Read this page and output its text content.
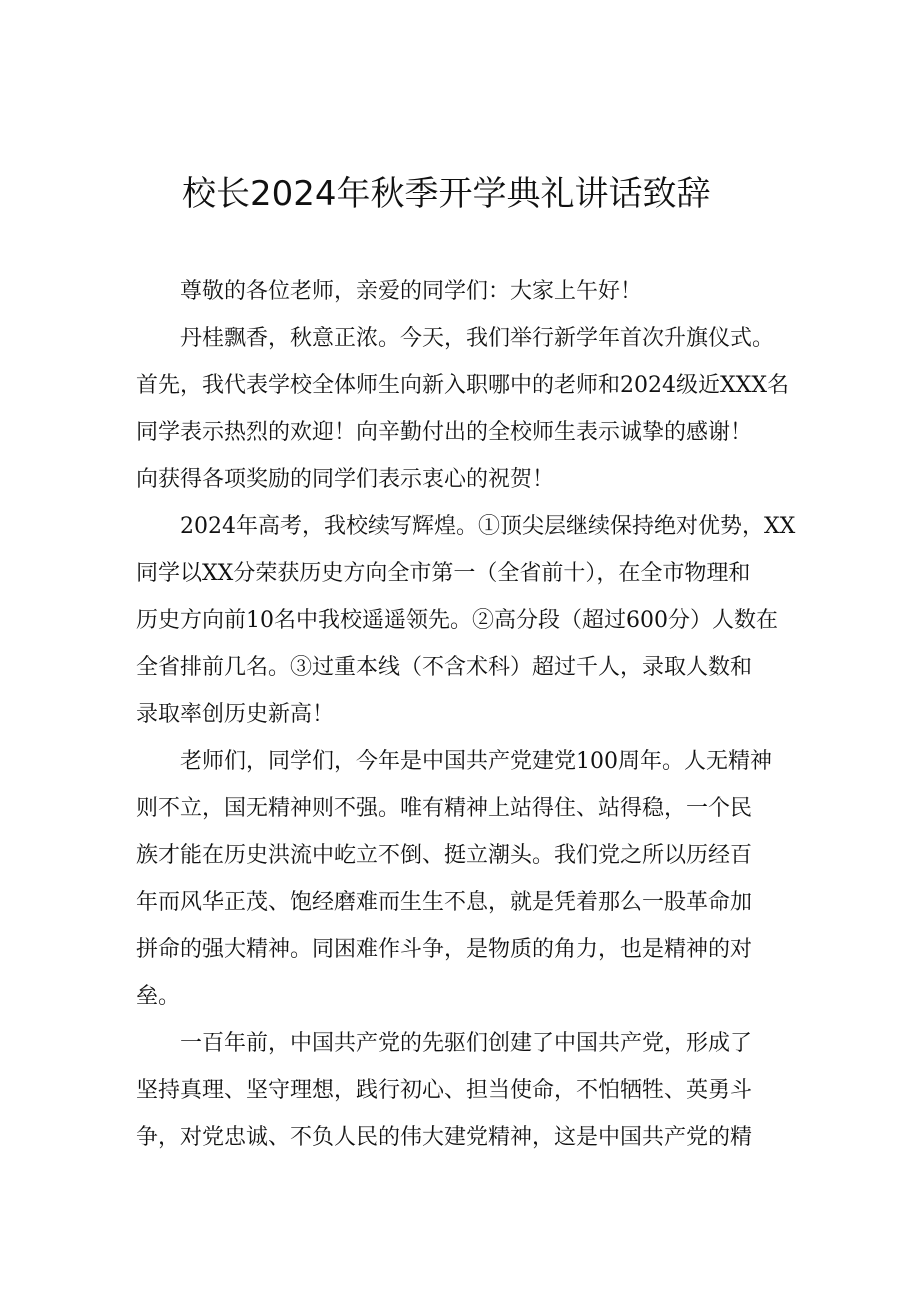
校长2024年秋季开学典礼讲话致辞
尊敬的各位老师，亲爱的同学们：大家上午好！
丹桂飘香，秋意正浓。今天，我们举行新学年首次升旗仪式。
首先，我代表学校全体师生向新入职哪中的老师和2024级近XXX名
同学表示热烈的欢迎！向辛勤付出的全校师生表示诚挚的感谢！
向获得各项奖励的同学们表示衷心的祝贺！
2024年高考，我校续写辉煌。①顶尖层继续保持绝对优势，XX
同学以XX分荣获历史方向全市第一（全省前十），在全市物理和
历史方向前10名中我校遥遥领先。②高分段（超过600分）人数在
全省排前几名。③过重本线（不含术科）超过千人，录取人数和
录取率创历史新高！
老师们，同学们，今年是中国共产党建党100周年。人无精神
则不立，国无精神则不强。唯有精神上站得住、站得稳，一个民
族才能在历史洪流中屹立不倒、挺立潮头。我们党之所以历经百
年而风华正茂、饱经磨难而生生不息，就是凭着那么一股革命加
拼命的强大精神。同困难作斗争，是物质的角力，也是精神的对
垒。
一百年前，中国共产党的先驱们创建了中国共产党，形成了
坚持真理、坚守理想，践行初心、担当使命，不怕牺牲、英勇斗
争，对党忠诚、不负人民的伟大建党精神，这是中国共产党的精
